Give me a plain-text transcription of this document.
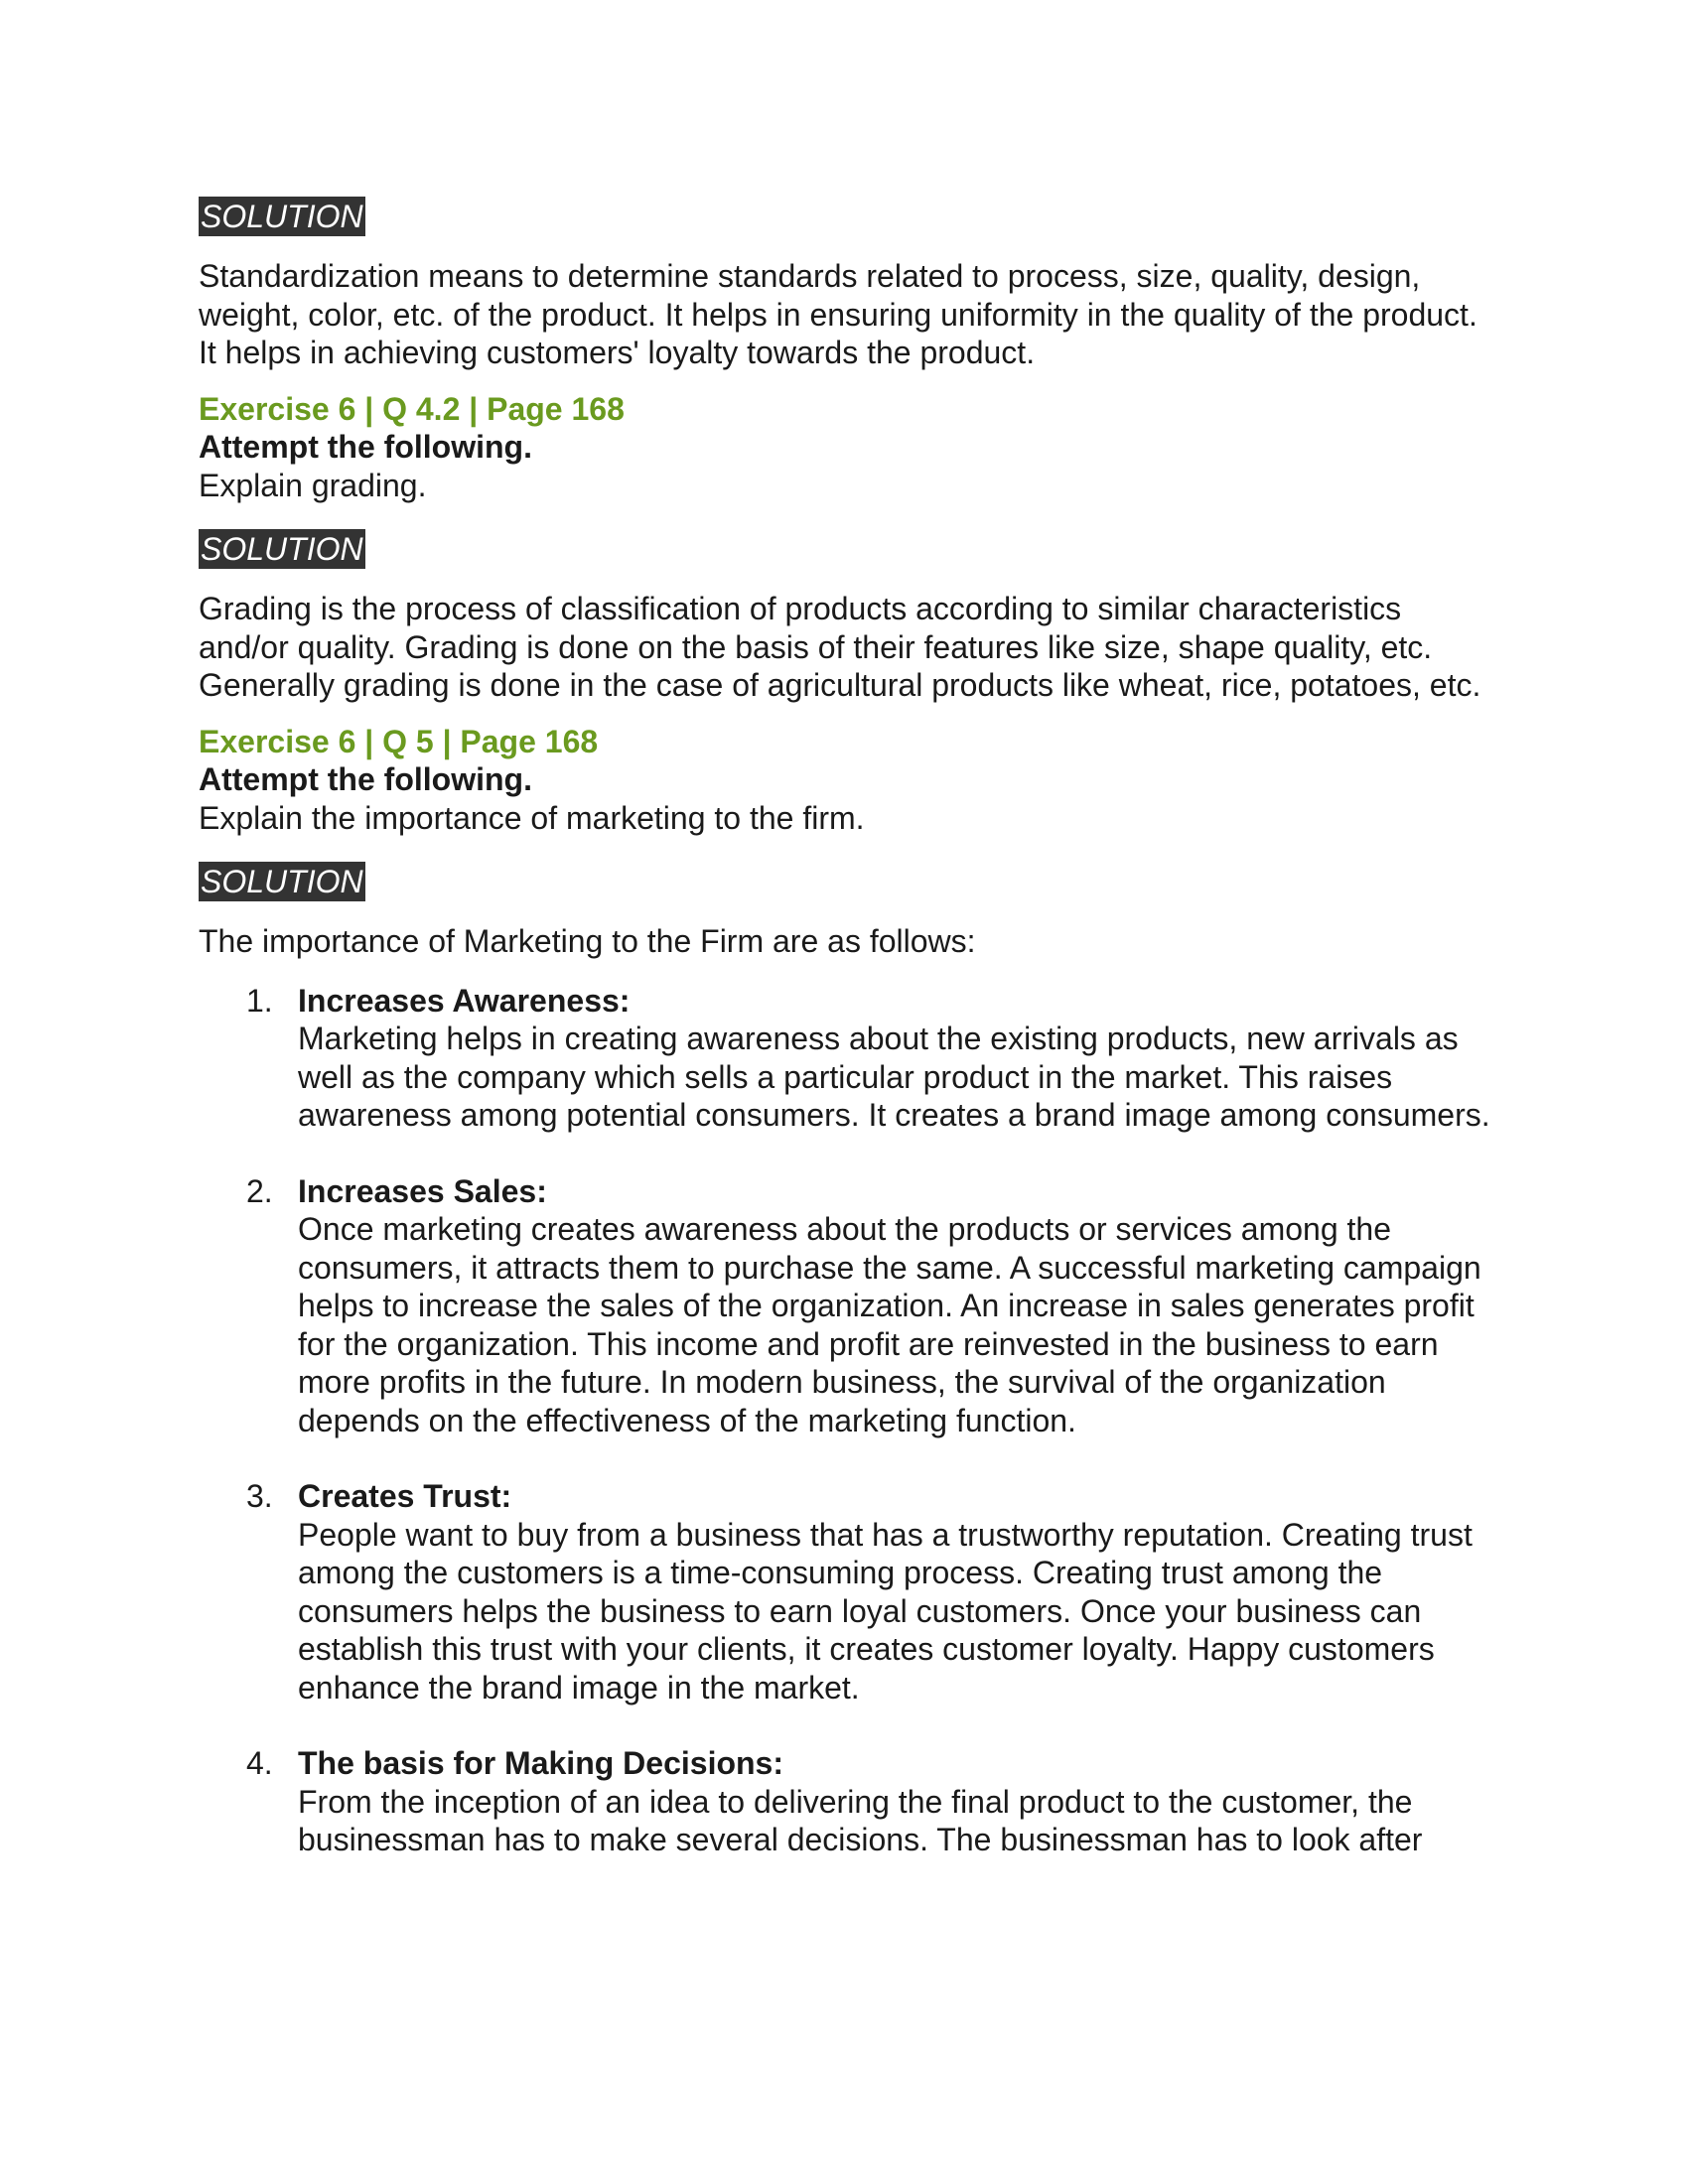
SOLUTION

Standardization means to determine standards related to process, size, quality, design, weight, color, etc. of the product. It helps in ensuring uniformity in the quality of the product. It helps in achieving customers' loyalty towards the product.

Exercise 6 | Q 4.2 | Page 168

Attempt the following.

Explain grading.

SOLUTION

Grading is the process of classification of products according to similar characteristics and/or quality. Grading is done on the basis of their features like size, shape quality, etc. Generally grading is done in the case of agricultural products like wheat, rice, potatoes, etc.

Exercise 6 | Q 5 | Page 168

Attempt the following.

Explain the importance of marketing to the firm.

SOLUTION

The importance of Marketing to the Firm are as follows:

1. Increases Awareness:
Marketing helps in creating awareness about the existing products, new arrivals as well as the company which sells a particular product in the market. This raises awareness among potential consumers. It creates a brand image among consumers.
2. Increases Sales:
Once marketing creates awareness about the products or services among the consumers, it attracts them to purchase the same. A successful marketing campaign helps to increase the sales of the organization. An increase in sales generates profit for the organization. This income and profit are reinvested in the business to earn more profits in the future. In modern business, the survival of the organization depends on the effectiveness of the marketing function.
3. Creates Trust:
People want to buy from a business that has a trustworthy reputation. Creating trust among the customers is a time-consuming process. Creating trust among the consumers helps the business to earn loyal customers. Once your business can establish this trust with your clients, it creates customer loyalty. Happy customers enhance the brand image in the market.
4. The basis for Making Decisions:
From the inception of an idea to delivering the final product to the customer, the businessman has to make several decisions. The businessman has to look after
